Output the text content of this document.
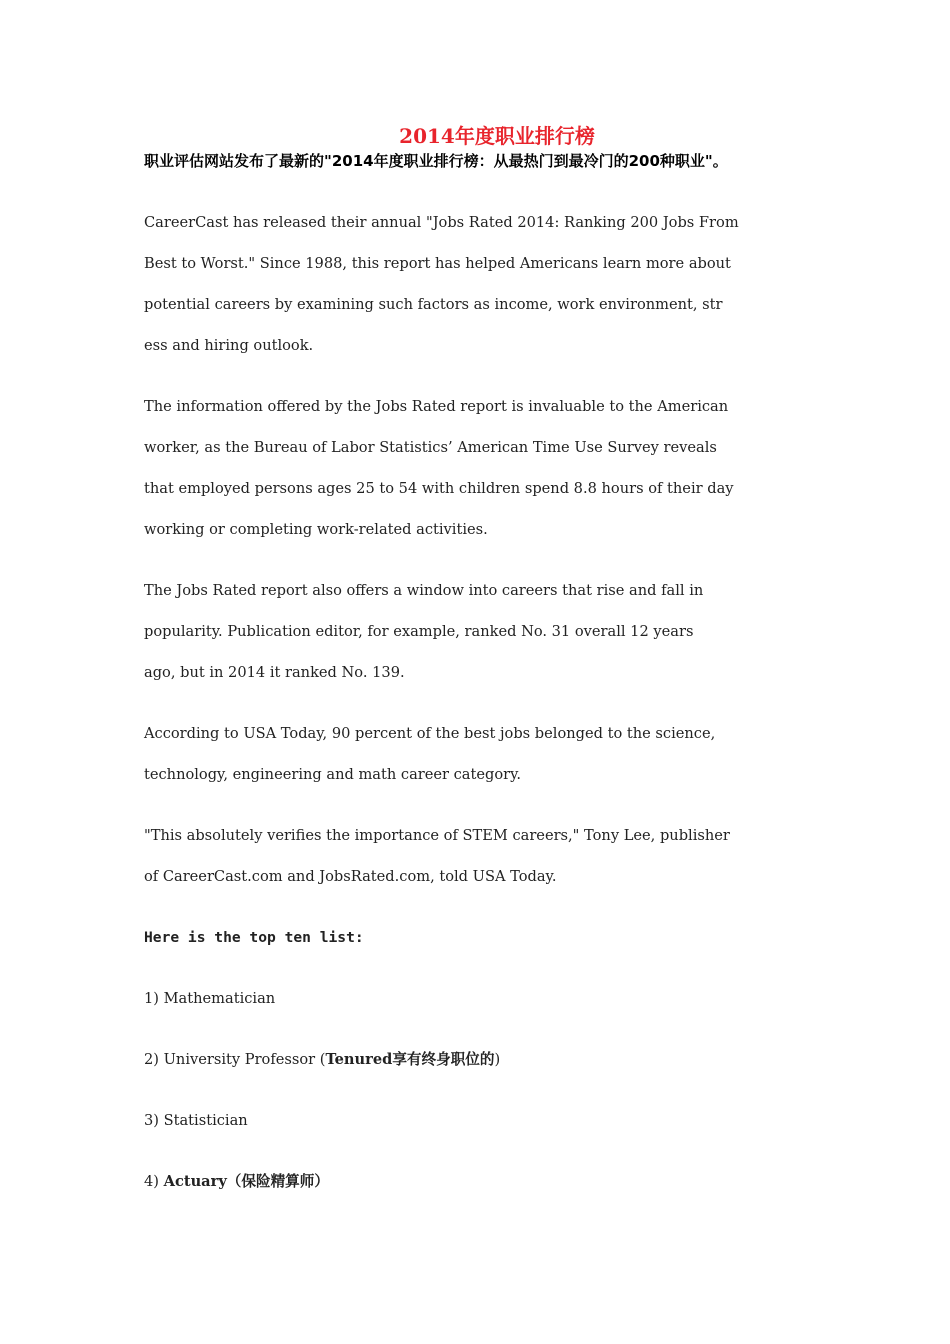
2014年度职业排行榜

职业评估网站发布了最新的"2014年度职业排行榜：从最热门到最冷门的200种职业"。

CareerCast has released their annual "Jobs Rated 2014: Ranking 200 Jobs From
Best to Worst." Since 1988, this report has helped Americans learn more about
potential careers by examining such factors as income, work environment, str
ess and hiring outlook.
The information offered by the Jobs Rated report is invaluable to the American
worker, as the Bureau of Labor Statistics’ American Time Use Survey reveals
that employed persons ages 25 to 54 with children spend 8.8 hours of their day
working or completing work-related activities.
The Jobs Rated report also offers a window into careers that rise and fall in
popularity. Publication editor, for example, ranked No. 31 overall 12 years
ago, but in 2014 it ranked No. 139.
According to USA Today, 90 percent of the best jobs belonged to the science,
technology, engineering and math career category.
"This absolutely verifies the importance of STEM careers," Tony Lee, publisher
of CareerCast.com and JobsRated.com, told USA Today.
Here is the top ten list:
1) Mathematician
2) University Professor (Tenured享有终身职位的)
3) Statistician
4) Actuary（保险精算师）
